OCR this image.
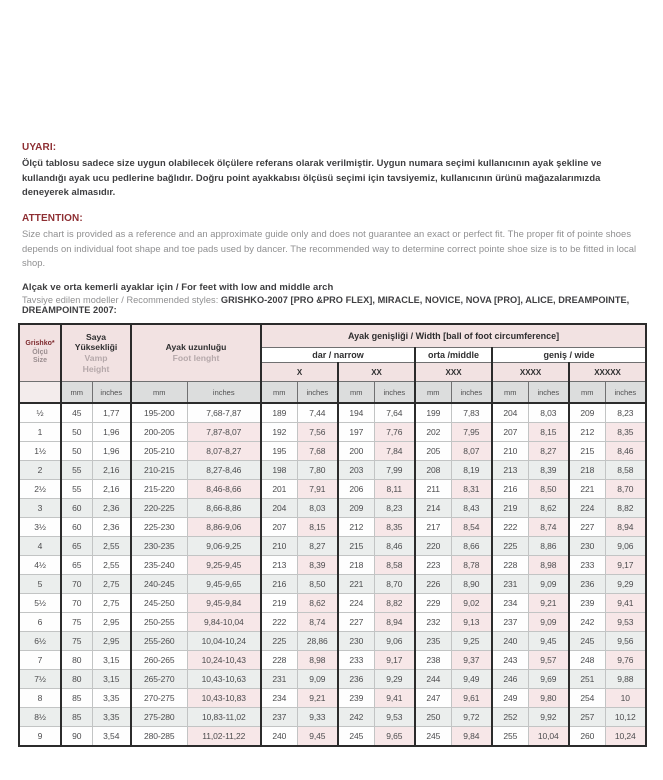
UYARI:

Ölçü tablosu sadece size uygun olabilecek ölçülere referans olarak verilmiştir. Uygun numara seçimi kullanıcının ayak şekline ve kullandığı ayak ucu pedlerine bağlıdır. Doğru point ayakkabısı ölçüsü seçimi için tavsiyemiz, kullanıcının ürünü mağazalarımızda deneyerek almasıdır.

ATTENTION:

Size chart is provided as a reference and an approximate guide only and does not guarantee an exact or perfect fit. The proper fit of pointe shoes depends on individual foot shape and toe pads used by dancer. The recommended way to determine correct pointe shoe size is to be fitted in local shop.

Alçak ve orta kemerli ayaklar için / For feet with low and middle arch

Tavsiye edilen modeller / Recommended styles: GRISHKO-2007 [PRO &PRO FLEX], MIRACLE, NOVICE, NOVA [PRO], ALICE, DREAMPOINTE, DREAMPOINTE 2007:

Grishko*
Ölçü
Size

Saya
Yüksekliği
Vamp
Height

Ayak uzunluğu
Foot lenght
	Ayak genişliği / Width [ball of foot circumference]
					dar / narrow				orta /middle		geniş / wide			
					X		XX		XXX		XXXX		XXXXX	
	mm	inches	mm	inches	mm	inches	mm	inches	mm	inches	mm	inches	mm	inches
½	45	1,77	195-200	7,68-7,87	189	7,44	194	7,64	199	7,83	204	8,03	209	8,23
1	50	1,96	200-205	7,87-8,07	192	7,56	197	7,76	202	7,95	207	8,15	212	8,35
1½	50	1,96	205-210	8,07-8,27	195	7,68	200	7,84	205	8,07	210	8,27	215	8,46
2	55	2,16	210-215	8,27-8,46	198	7,80	203	7,99	208	8,19	213	8,39	218	8,58
2½	55	2,16	215-220	8,46-8,66	201	7,91	206	8,11	211	8,31	216	8,50	221	8,70
3	60	2,36	220-225	8,66-8,86	204	8,03	209	8,23	214	8,43	219	8,62	224	8,82
3½	60	2,36	225-230	8,86-9,06	207	8,15	212	8,35	217	8,54	222	8,74	227	8,94
4	65	2,55	230-235	9,06-9,25	210	8,27	215	8,46	220	8,66	225	8,86	230	9,06
4½	65	2,55	235-240	9,25-9,45	213	8,39	218	8,58	223	8,78	228	8,98	233	9,17
5	70	2,75	240-245	9,45-9,65	216	8,50	221	8,70	226	8,90	231	9,09	236	9,29
5½	70	2,75	245-250	9,45-9,84	219	8,62	224	8,82	229	9,02	234	9,21	239	9,41
6	75	2,95	250-255	9,84-10,04	222	8,74	227	8,94	232	9,13	237	9,09	242	9,53
6½	75	2,95	255-260	10,04-10,24	225	28,86	230	9,06	235	9,25	240	9,45	245	9,56
7	80	3,15	260-265	10,24-10,43	228	8,98	233	9,17	238	9,37	243	9,57	248	9,76
7½	80	3,15	265-270	10,43-10,63	231	9,09	236	9,29	244	9,49	246	9,69	251	9,88
8	85	3,35	270-275	10,43-10,83	234	9,21	239	9,41	247	9,61	249	9,80	254	10
8½	85	3,35	275-280	10,83-11,02	237	9,33	242	9,53	250	9,72	252	9,92	257	10,12
9	90	3,54	280-285	11,02-11,22	240	9,45	245	9,65	245	9,84	255	10,04	260	10,24
